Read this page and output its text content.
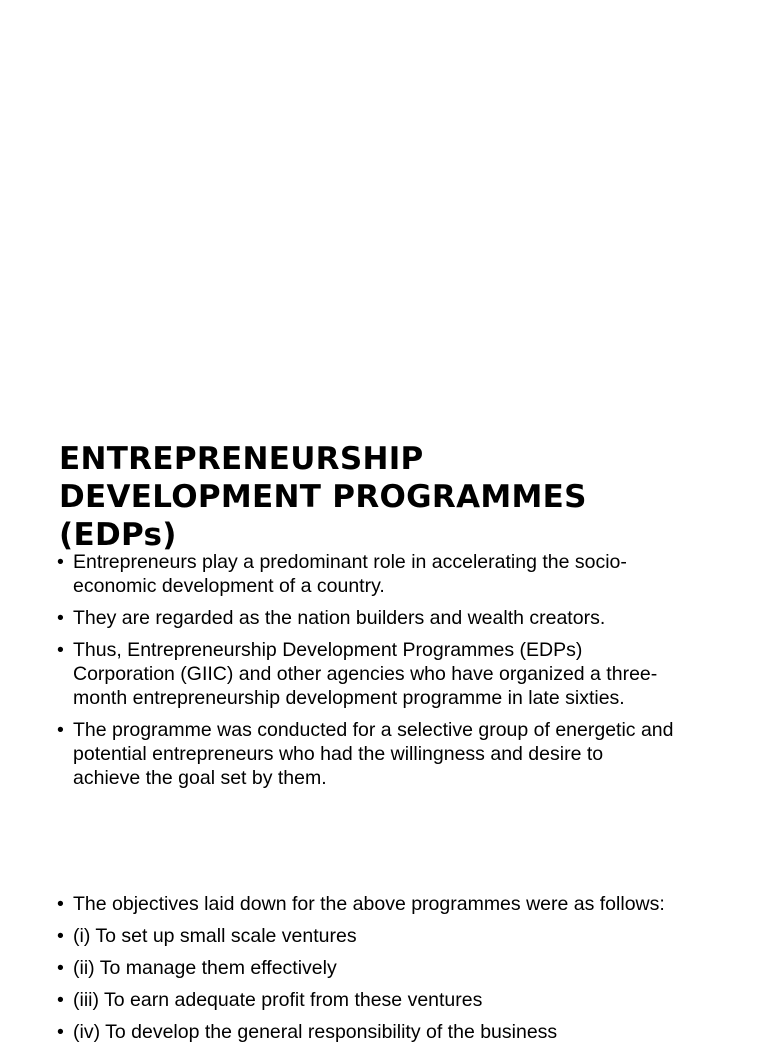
ENTREPRENEURSHIP
DEVELOPMENT PROGRAMMES
(EDPs)
• Entrepreneurs play a predominant role in accelerating the socio-
economic development of a country.
• They are regarded as the nation builders and wealth creators.
• Thus, Entrepreneurship Development Programmes (EDPs)
Corporation (GIIC) and other agencies who have organized a three-
month entrepreneurship development programme in late sixties.
• The programme was conducted for a selective group of energetic and
potential entrepreneurs who had the willingness and desire to
achieve the goal set by them.
• The objectives laid down for the above programmes were as follows:
• (i) To set up small scale ventures
• (ii) To manage them effectively
• (iii) To earn adequate profit from these ventures
• (iv) To develop the general responsibility of the business
